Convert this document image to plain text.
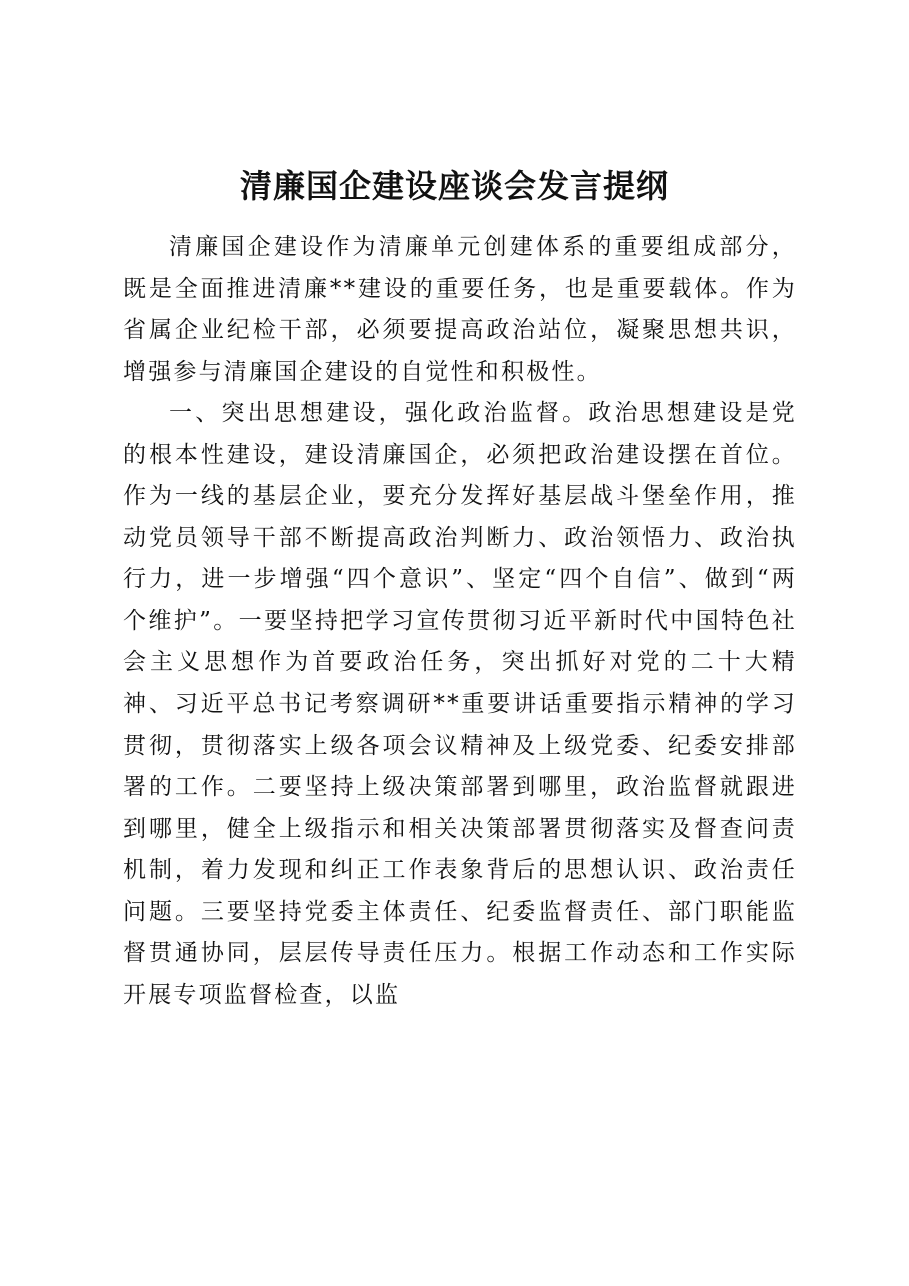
清廉国企建设座谈会发言提纲

清廉国企建设作为清廉单元创建体系的重要组成部分，既是全面推进清廉**建设的重要任务，也是重要载体。作为省属企业纪检干部，必须要提高政治站位，凝聚思想共识，增强参与清廉国企建设的自觉性和积极性。

一、突出思想建设，强化政治监督。政治思想建设是党的根本性建设，建设清廉国企，必须把政治建设摆在首位。作为一线的基层企业，要充分发挥好基层战斗堡垒作用，推动党员领导干部不断提高政治判断力、政治领悟力、政治执行力，进一步增强“四个意识”、坚定“四个自信”、做到“两个维护”。一要坚持把学习宣传贯彻习近平新时代中国特色社会主义思想作为首要政治任务，突出抓好对党的二十大精神、习近平总书记考察调研**重要讲话重要指示精神的学习贯彻，贯彻落实上级各项会议精神及上级党委、纪委安排部署的工作。二要坚持上级决策部署到哪里，政治监督就跟进到哪里，健全上级指示和相关决策部署贯彻落实及督查问责机制，着力发现和纠正工作表象背后的思想认识、政治责任问题。三要坚持党委主体责任、纪委监督责任、部门职能监督贯通协同，层层传导责任压力。根据工作动态和工作实际开展专项监督检查，以监
